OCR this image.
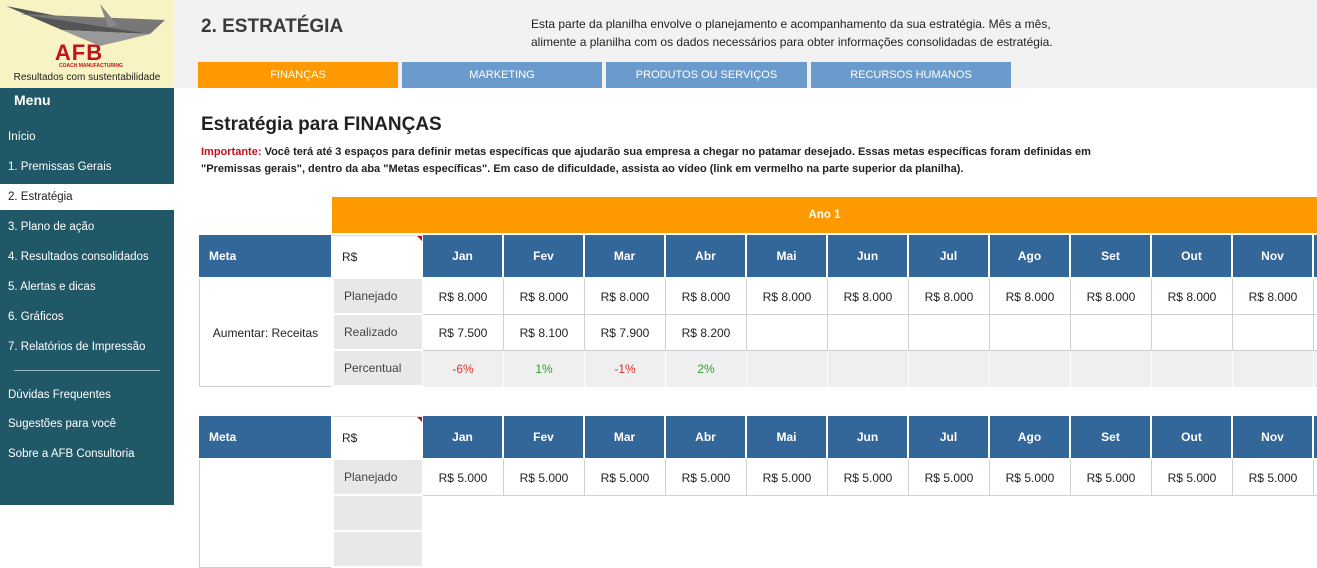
AFB
COACH MANUFACTURING
Resultados com sustentabilidade
Menu
Início
1. Premissas Gerais
2. Estratégia
3. Plano de ação
4. Resultados consolidados
5. Alertas e dicas
6. Gráficos
7. Relatórios de Impressão
Dúvidas Frequentes
Sugestões para você
Sobre a AFB Consultoria
2. ESTRATÉGIA	Esta parte da planilha envolve o planejamento e acompanhamento da sua estratégia. Mês a mês,
alimente a planilha com os dados necessários para obter informações consolidadas de estratégia.
FINANÇAS	MARKETING	PRODUTOS OU SERVIÇOS	RECURSOS HUMANOS
Estratégia para FINANÇAS
Importante: Você terá até 3 espaços para definir metas específicas que ajudarão sua empresa a chegar no patamar desejado. Essas metas específicas foram definidas em "Premissas gerais", dentro da aba "Metas específicas". Em caso de dificuldade, assista ao vídeo (link em vermelho na parte superior da planilha).
Ano 1
Meta	R$	Jan	Fev	Mar	Abr	Mai	Jun	Jul	Ago	Set	Out	Nov
Aumentar: Receitas
Planejado	R$ 8.000	R$ 8.000	R$ 8.000	R$ 8.000	R$ 8.000	R$ 8.000	R$ 8.000	R$ 8.000	R$ 8.000	R$ 8.000	R$ 8.000
Realizado	R$ 7.500	R$ 8.100	R$ 7.900	R$ 8.200
Percentual	-6%	1%	-1%	2%
Meta	R$	Jan	Fev	Mar	Abr	Mai	Jun	Jul	Ago	Set	Out	Nov
Planejado	R$ 5.000	R$ 5.000	R$ 5.000	R$ 5.000	R$ 5.000	R$ 5.000	R$ 5.000	R$ 5.000	R$ 5.000	R$ 5.000	R$ 5.000
